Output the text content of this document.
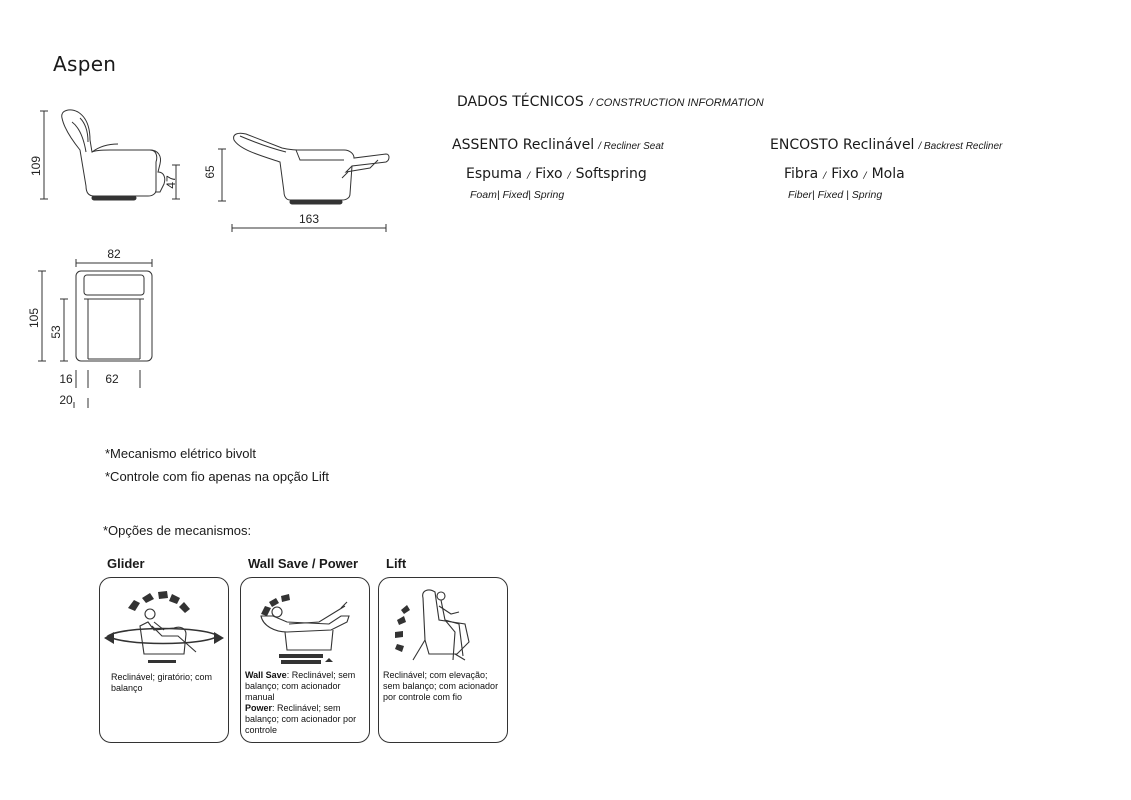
Aspen
109
47
65
163
82
105
53
16	62
20
DADOS TÉCNICOS / CONSTRUCTION INFORMATION
ASSENTO Reclinável / Recliner Seat
Espuma / Fixo / Softspring
Foam| Fixed| Spring
ENCOSTO Reclinável / Backrest Recliner
Fibra / Fixo / Mola
Fiber| Fixed | Spring
*Mecanismo elétrico bivolt
*Controle com fio apenas na opção Lift
*Opções de mecanismos:
Glider	Wall Save / Power Lift
Reclinável; giratório; com balanço
Wall Save: Reclinável; sem balanço; com acionador manual
Power: Reclinável; sem balanço; com acionador por controle
Reclinável; com elevação; sem balanço; com acionador por controle com fio
